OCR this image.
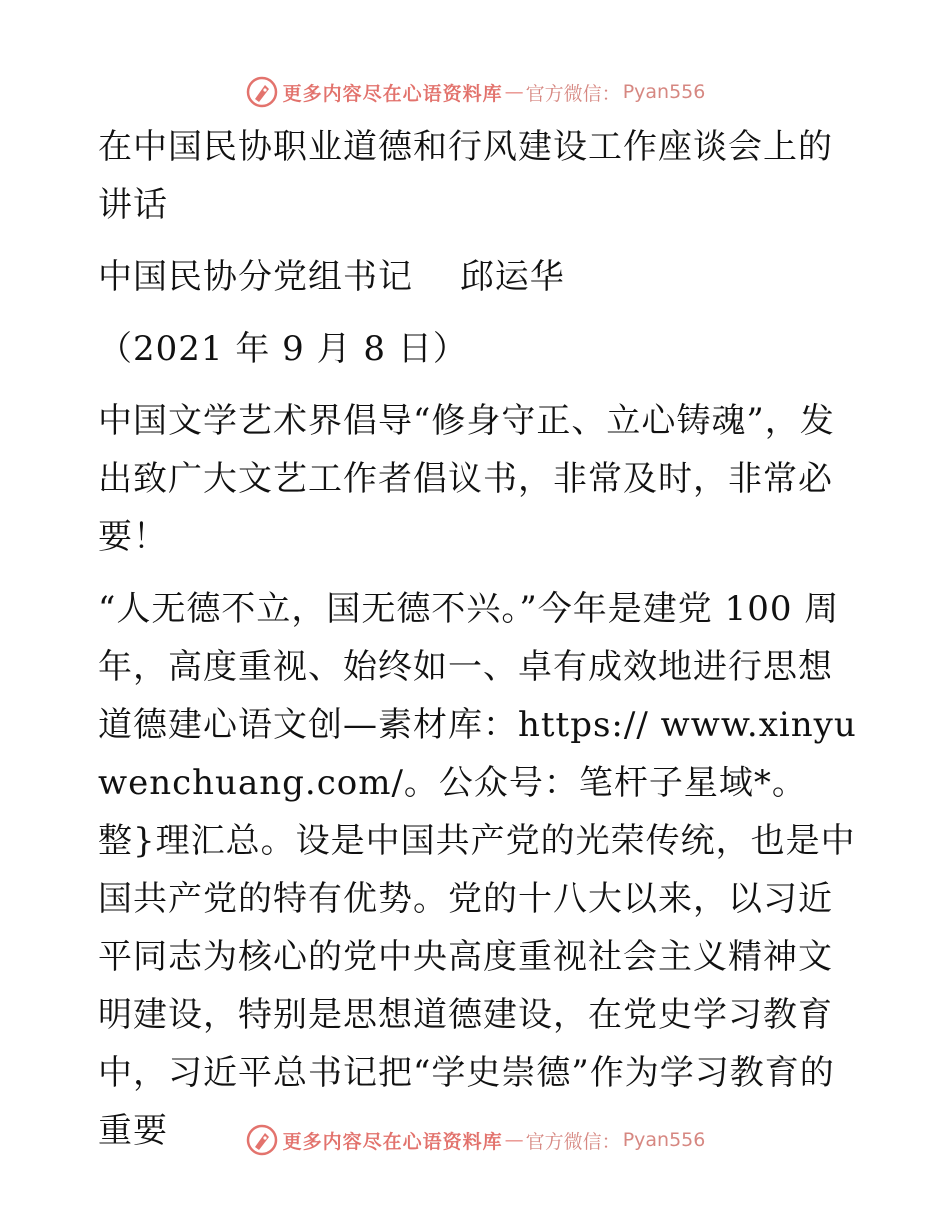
更多内容尽在心语资料库 — 官方微信： Pyan556

在中国民协职业道德和行风建设工作座谈会上的讲话

中国民协分党组书记　 邱运华

（2021 年 9 月 8 日）

中国文学艺术界倡导“修身守正、立心铸魂”，发出致广大文艺工作者倡议书，非常及时，非常必要！

“人无德不立，国无德不兴。”今年是建党 100 周年，高度重视、始终如一、卓有成效地进行思想道德建心语文创—素材库：https:// www.xinyuwenchuang.com/。公众号：笔杆子星域*。整}理汇总。设是中国共产党的光荣传统，也是中国共产党的特有优势。党的十八大以来，以习近平同志为核心的党中央高度重视社会主义精神文明建设，特别是思想道德建设，在党史学习教育中，习近平总书记把“学史崇德”作为学习教育的重要	更多内容尽在心语资料库 — 官方微信： Pyan556
